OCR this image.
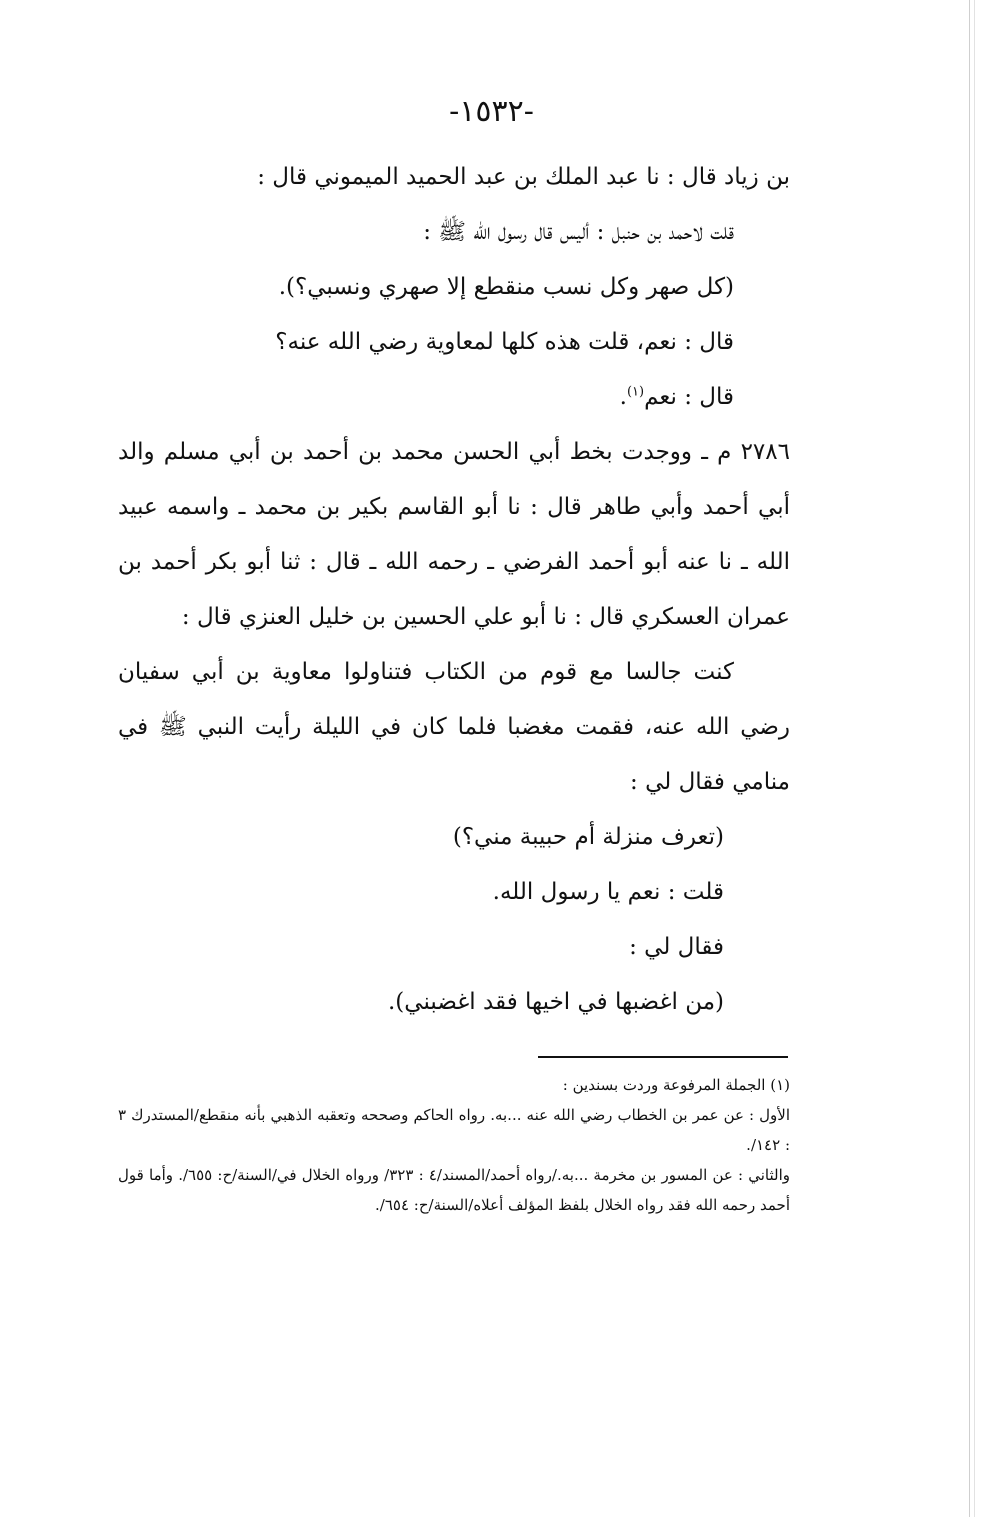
-١٥٣٢-

بن زياد قال : نا عبد الملك بن عبد الحميد الميموني قال :

قلت لاحمد بن حنبل : أليس قال رسول الله ﷺ :

(كل صهر وكل نسب منقطع إلا صهري ونسبي؟).

قال : نعم، قلت هذه كلها لمعاوية رضي الله عنه؟

قال : نعم$^{(١)}$.

٢٧٨٦ م ـ ووجدت بخط أبي الحسن محمد بن أحمد بن أبي مسلم والد أبي أحمد وأبي طاهر قال : نا أبو القاسم بكير بن محمد ـ واسمه عبيد الله ـ نا عنه أبو أحمد الفرضي ـ رحمه الله ـ قال : ثنا أبو بكر أحمد بن عمران العسكري قال : نا أبو علي الحسين بن خليل العنزي قال :

كنت جالسا مع قوم من الكتاب فتناولوا معاوية بن أبي سفيان رضي الله عنه، فقمت مغضبا فلما كان في الليلة رأيت النبي ﷺ في منامي فقال لي :

(تعرف منزلة أم حبيبة مني؟)

قلت : نعم يا رسول الله.

فقال لي :

(من اغضبها في اخيها فقد اغضبني).

(١) الجملة المرفوعة وردت بسندين :

الأول : عن عمر بن الخطاب رضي الله عنه ...به. رواه الحاكم وصححه وتعقبه الذهبي بأنه منقطع/المستدرك ٣ : ١٤٢/.

والثاني : عن المسور بن مخرمة ...به./رواه أحمد/المسند/٤ : ٣٢٣/ ورواه الخلال في/السنة/ح: ٦٥٥/. وأما قول أحمد رحمه الله فقد رواه الخلال بلفظ المؤلف أعلاه/السنة/ح: ٦٥٤/.
